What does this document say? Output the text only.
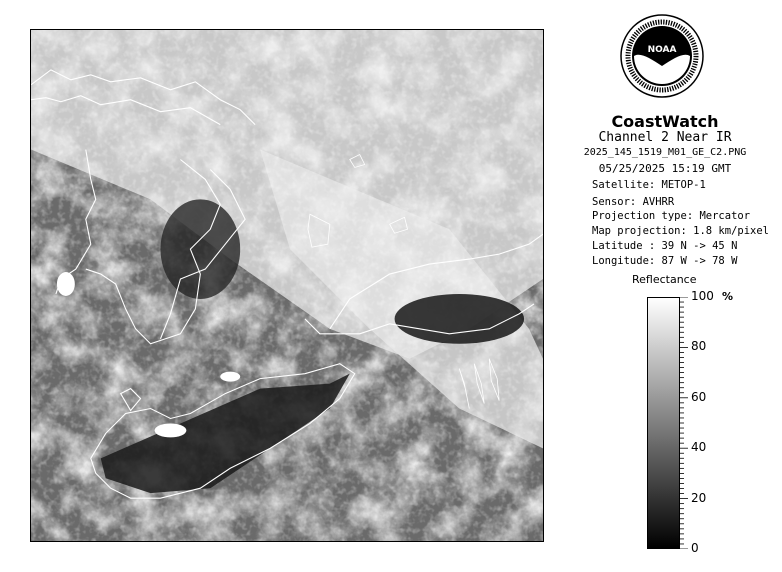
NOAA
CoastWatch
Channel 2 Near IR
2025_145_1519_M01_GE_C2.PNG
05/25/2025 15:19 GMT
Satellite: METOP-1
Sensor: AVHRR
Projection type: Mercator
Map projection: 1.8 km/pixel
Latitude : 39 N -> 45 N
Reflectance
%
100
80
60
40
20
0
Longitude: 87 W -> 78 W
